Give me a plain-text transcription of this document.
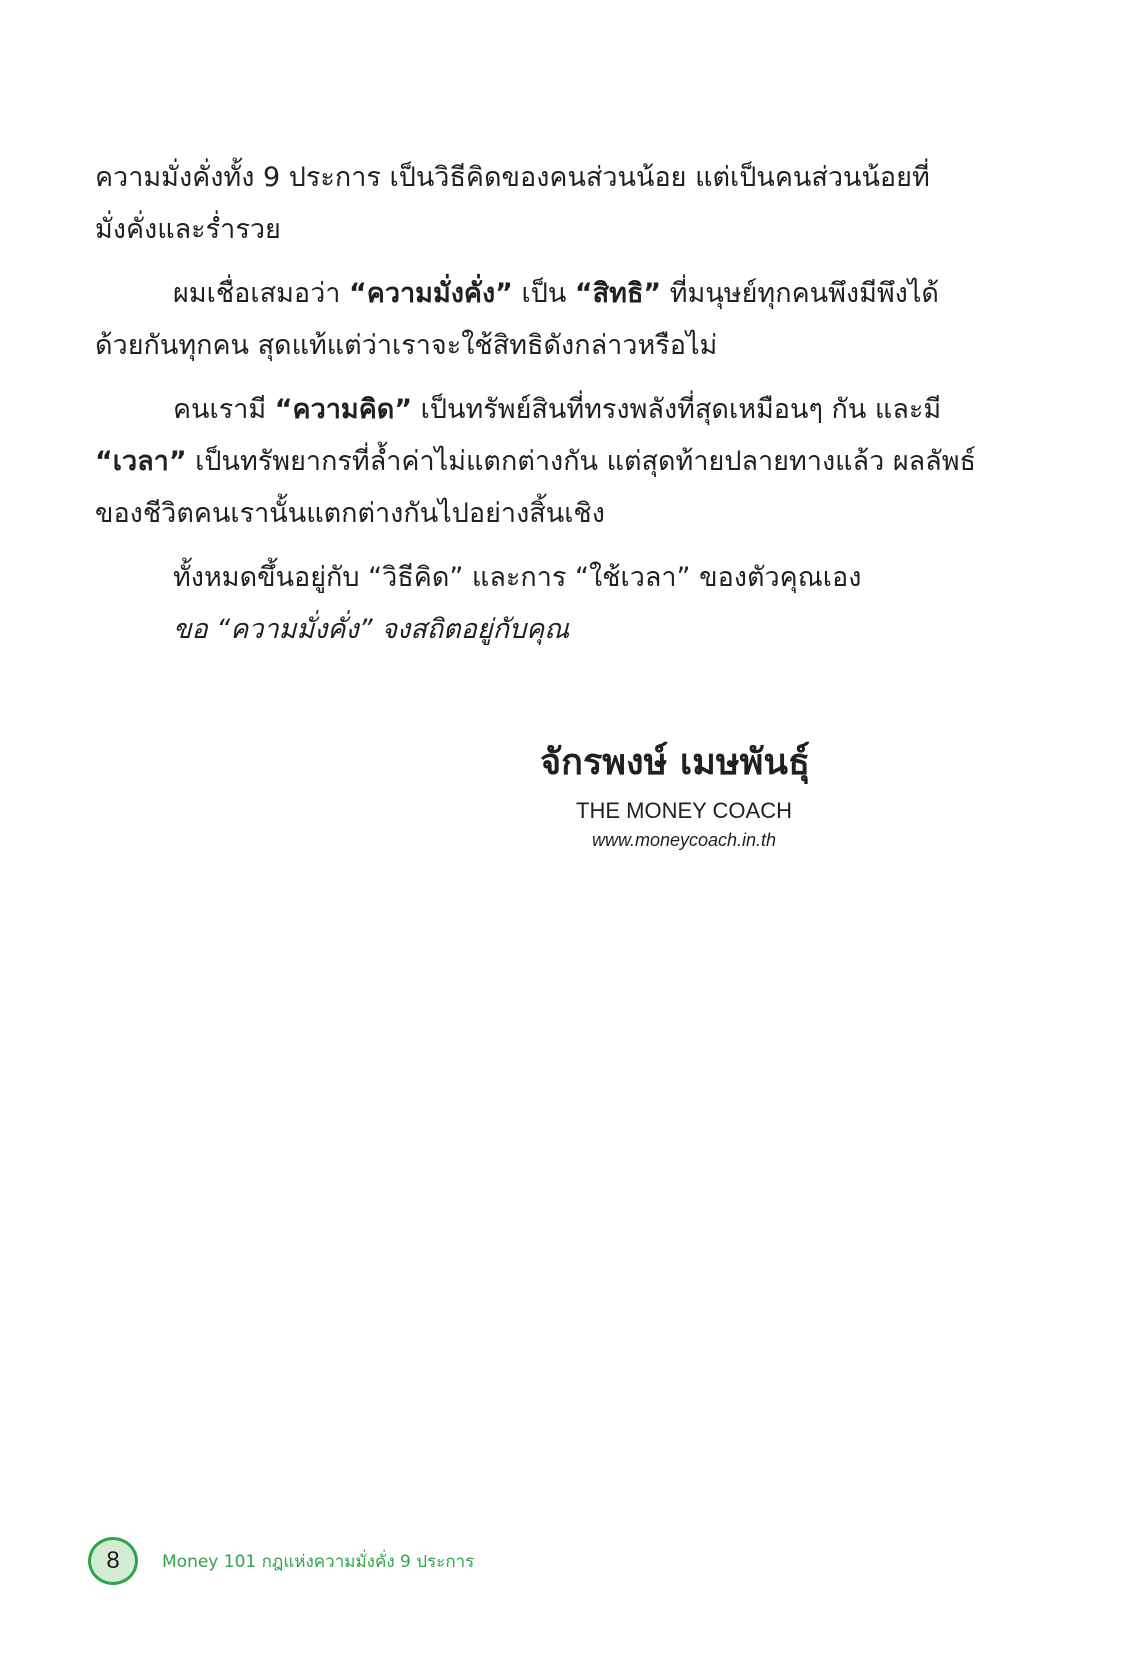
ความมั่งคั่งทั้ง 9 ประการ เป็นวิธีคิดของคนส่วนน้อย แต่เป็นคนส่วนน้อยที่มั่งคั่งและร่ำรวย

ผมเชื่อเสมอว่า “ความมั่งคั่ง” เป็น “สิทธิ” ที่มนุษย์ทุกคนพึงมีพึงได้ด้วยกันทุกคน สุดแท้แต่ว่าเราจะใช้สิทธิดังกล่าวหรือไม่

คนเรามี “ความคิด” เป็นทรัพย์สินที่ทรงพลังที่สุดเหมือนๆ กัน และมี “เวลา” เป็นทรัพยากรที่ล้ำค่าไม่แตกต่างกัน แต่สุดท้ายปลายทางแล้ว ผลลัพธ์ของชีวิตคนเรานั้นแตกต่างกันไปอย่างสิ้นเชิง

ทั้งหมดขึ้นอยู่กับ “วิธีคิด” และการ “ใช้เวลา” ของตัวคุณเอง

ขอ “ความมั่งคั่ง” จงสถิตอยู่กับคุณ

จักรพงษ์ เมษพันธุ์
THE MONEY COACH
www.moneycoach.in.th
8 Money 101 กฎแห่งความมั่งคั่ง 9 ประการ
